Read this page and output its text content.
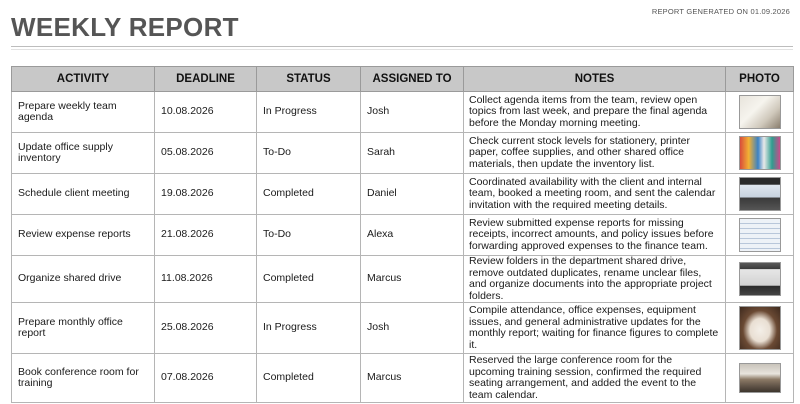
REPORT GENERATED ON 01.09.2026
WEEKLY REPORT
ACTIVITY	DEADLINE	STATUS	ASSIGNED TO	NOTES	PHOTO
Prepare weekly team agenda	10.08.2026	In Progress	Josh	Collect agenda items from the team, review open topics from last week, and prepare the final agenda before the Monday morning meeting.	
Update office supply inventory	05.08.2026	To-Do	Sarah	Check current stock levels for stationery, printer paper, coffee supplies, and other shared office materials, then update the inventory list.	
Schedule client meeting	19.08.2026	Completed	Daniel	Coordinated availability with the client and internal team, booked a meeting room, and sent the calendar invitation with the required meeting details.	
Review expense reports	21.08.2026	To-Do	Alexa	Review submitted expense reports for missing receipts, incorrect amounts, and policy issues before forwarding approved expenses to the finance team.	
Organize shared drive	11.08.2026	Completed	Marcus	Review folders in the department shared drive, remove outdated duplicates, rename unclear files, and organize documents into the appropriate project folders.	
Prepare monthly office report	25.08.2026	In Progress	Josh	Compile attendance, office expenses, equipment issues, and general administrative updates for the monthly report; waiting for finance figures to complete it.	
Book conference room for training	07.08.2026	Completed	Marcus	Reserved the large conference room for the upcoming training session, confirmed the required seating arrangement, and added the event to the team calendar.	
